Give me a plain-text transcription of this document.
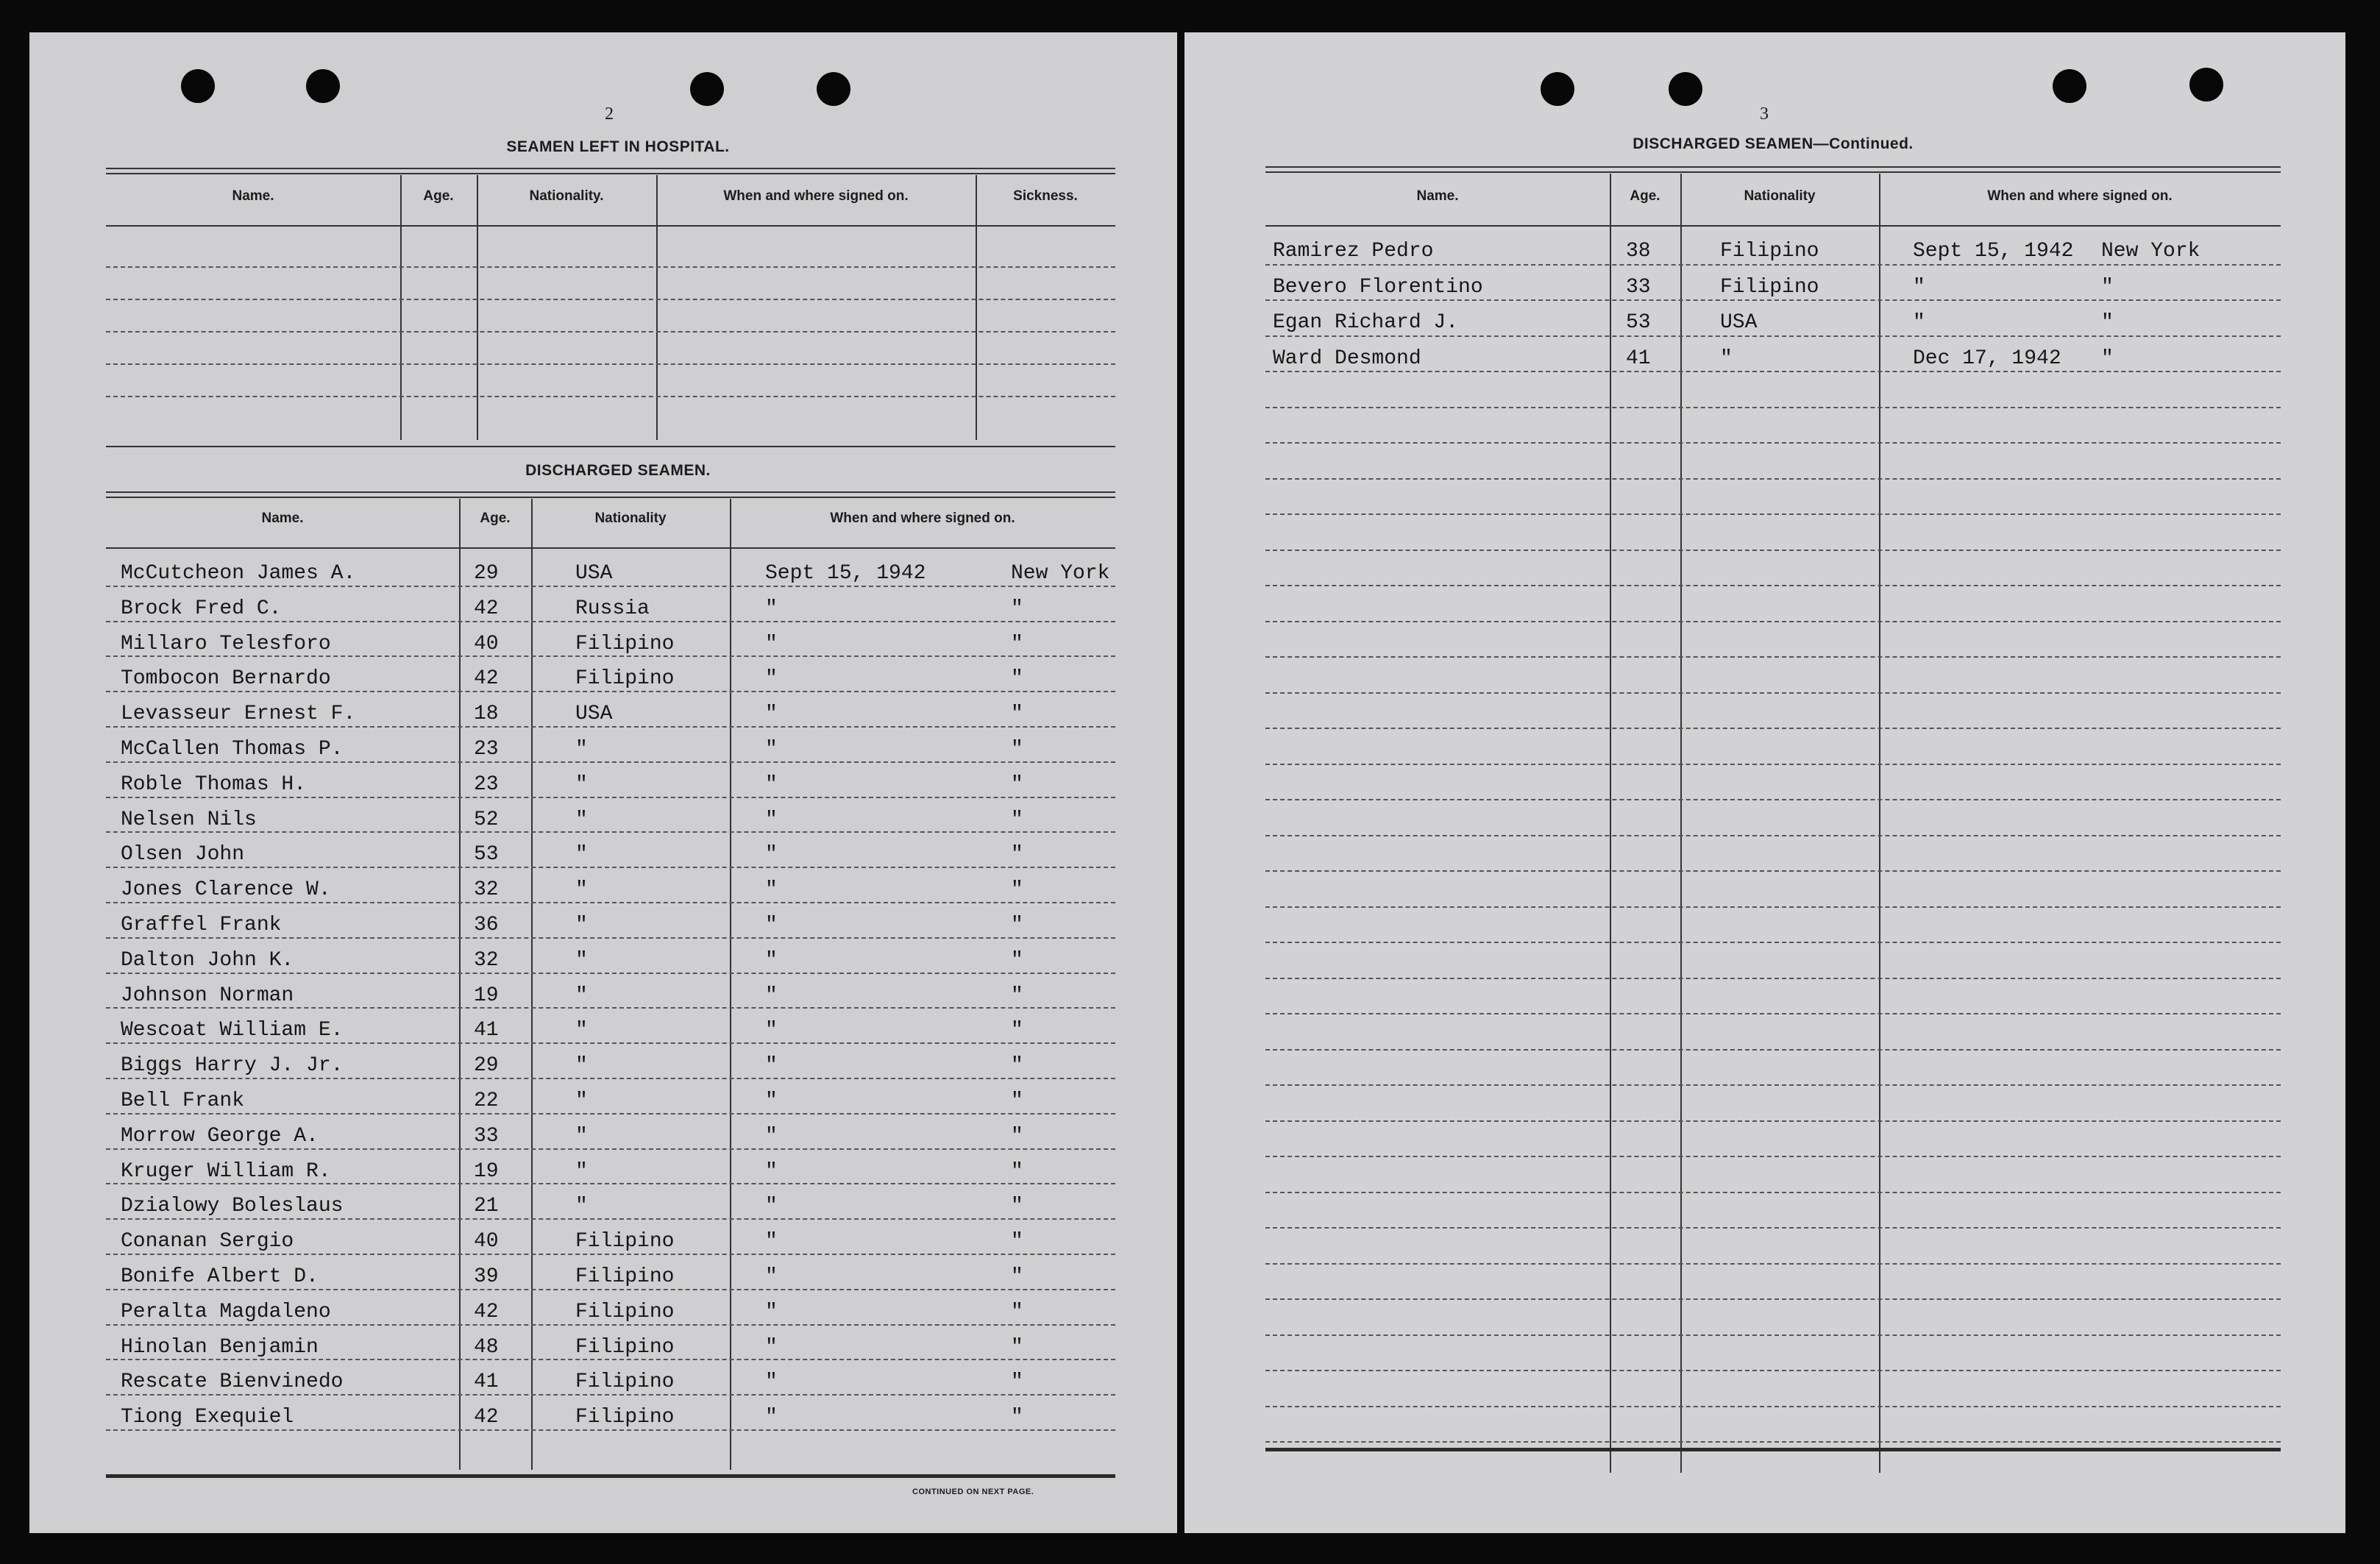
2
SEAMEN LEFT IN HOSPITAL.
Name.	Age.	Nationality.	When and where signed on.	Sickness.
DISCHARGED SEAMEN.
Name.	Age.	Nationality	When and where signed on.
McCutcheon James A.	29	USA	Sept 15, 1942	New York
Brock Fred C.	42	Russia	"	"
Millaro Telesforo	40	Filipino	"	"
Tombocon Bernardo	42	Filipino	"	"
Levasseur Ernest F.	18	USA	"	"
McCallen Thomas P.	23	"	"	"
Roble Thomas H.	23	"	"	"
Nelsen Nils	52	"	"	"
Olsen John	53	"	"	"
Jones Clarence W.	32	"	"	"
Graffel Frank	36	"	"	"
Dalton John K.	32	"	"	"
Johnson Norman	19	"	"	"
Wescoat William E.	41	"	"	"
Biggs Harry J. Jr.	29	"	"	"
Bell Frank	22	"	"	"
Morrow George A.	33	"	"	"
Kruger William R.	19	"	"	"
Dzialowy Boleslaus	21	"	"	"
Conanan Sergio	40	Filipino	"	"
Bonife Albert D.	39	Filipino	"	"
Peralta Magdaleno	42	Filipino	"	"
Hinolan Benjamin	48	Filipino	"	"
Rescate Bienvinedo	41	Filipino	"	"
Tiong Exequiel	42	Filipino	"	"
CONTINUED ON NEXT PAGE.
3
DISCHARGED SEAMEN—Continued.
Name.	Age.	Nationality	When and where signed on.
Ramirez Pedro	38	Filipino	Sept 15, 1942 New York
Bevero Florentino	33	Filipino	"	"
Egan Richard J.	53	USA	"	"
Ward Desmond	41	"	Dec 17, 1942 "
